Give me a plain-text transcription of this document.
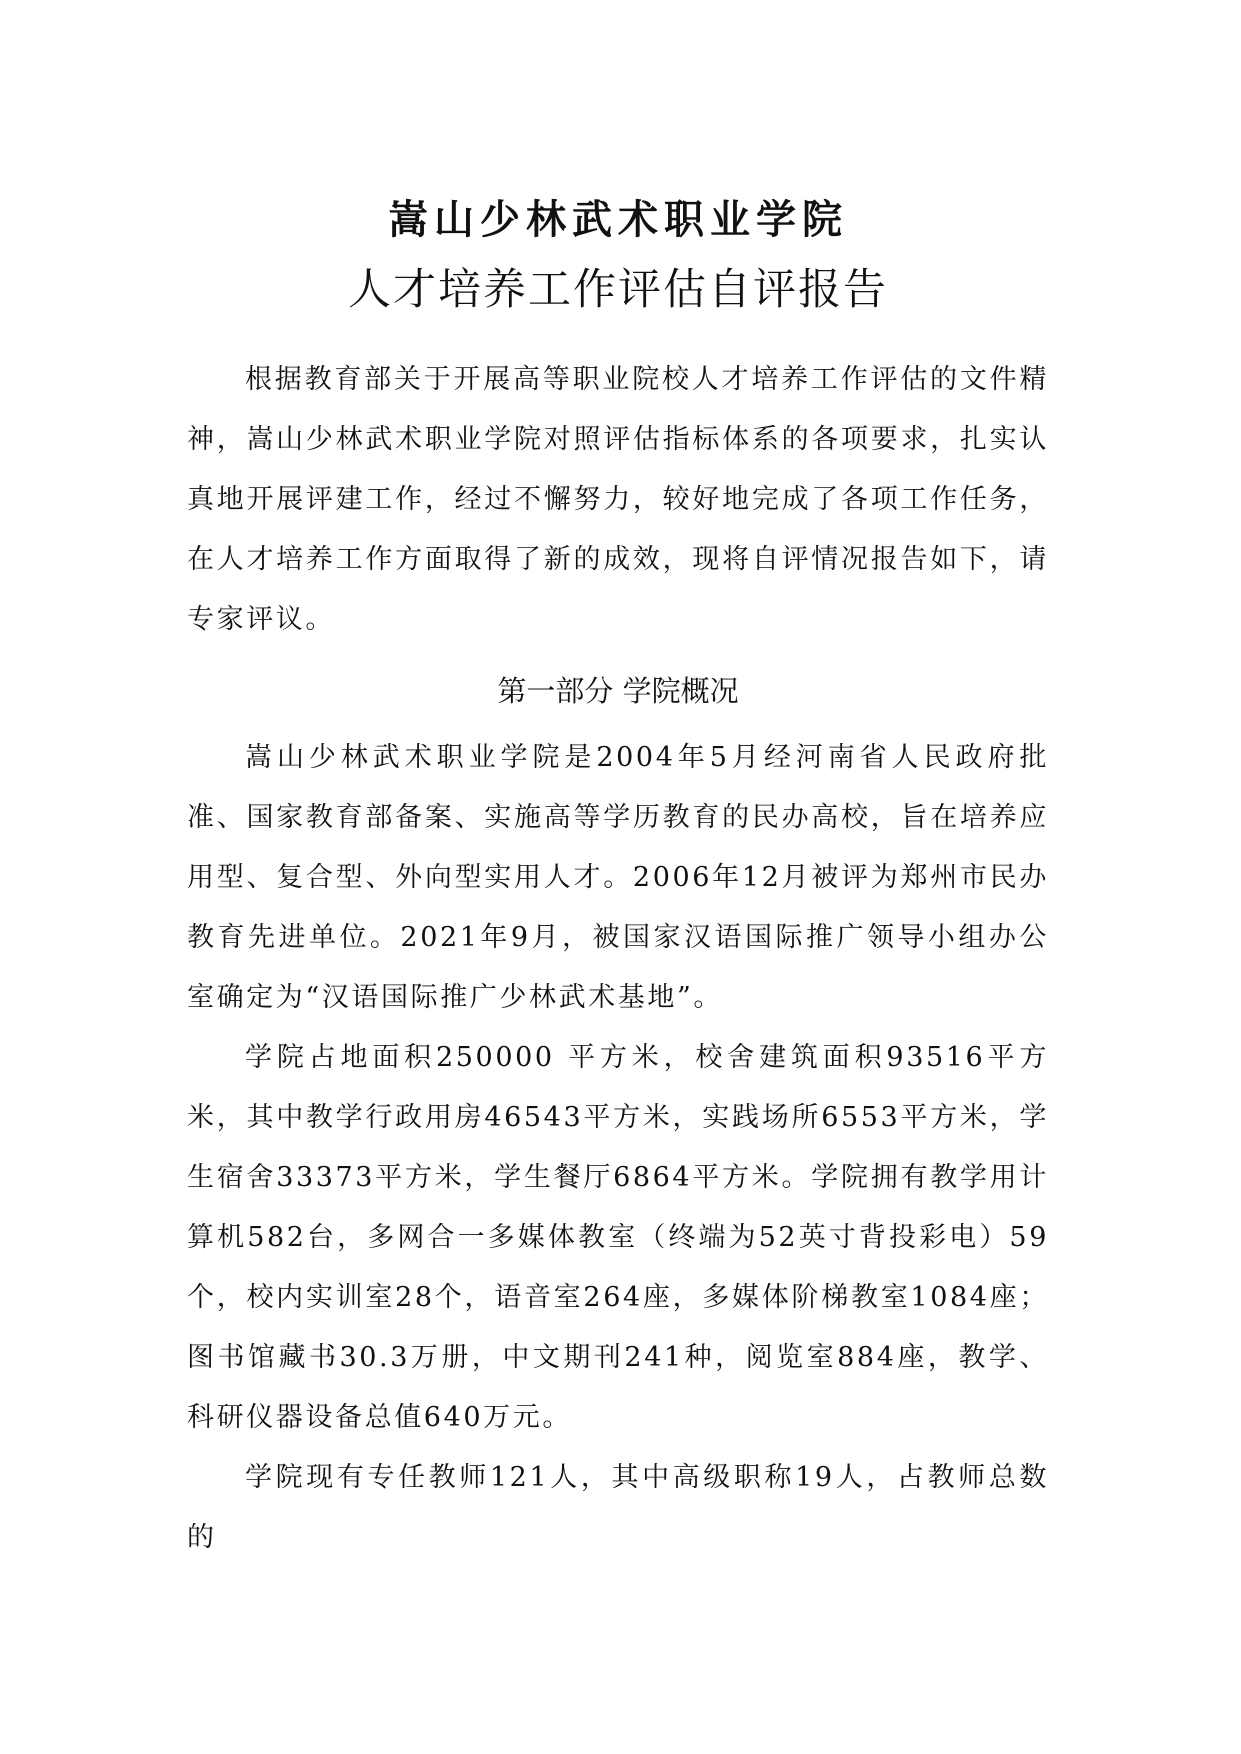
嵩山少林武术职业学院
人才培养工作评估自评报告

根据教育部关于开展高等职业院校人才培养工作评估的文件精神，嵩山少林武术职业学院对照评估指标体系的各项要求，扎实认真地开展评建工作，经过不懈努力，较好地完成了各项工作任务，在人才培养工作方面取得了新的成效，现将自评情况报告如下，请专家评议。

第一部分 学院概况

嵩山少林武术职业学院是2004年5月经河南省人民政府批准、国家教育部备案、实施高等学历教育的民办高校，旨在培养应用型、复合型、外向型实用人才。2006年12月被评为郑州市民办教育先进单位。2021年9月，被国家汉语国际推广领导小组办公室确定为“汉语国际推广少林武术基地”。

学院占地面积250000 平方米，校舍建筑面积93516平方米，其中教学行政用房46543平方米，实践场所6553平方米，学生宿舍33373平方米，学生餐厅6864平方米。学院拥有教学用计算机582台，多网合一多媒体教室（终端为52英寸背投彩电）59个，校内实训室28个，语音室264座，多媒体阶梯教室1084座；图书馆藏书30.3万册，中文期刊241种，阅览室884座，教学、科研仪器设备总值640万元。

学院现有专任教师121人，其中高级职称19人，占教师总数的
